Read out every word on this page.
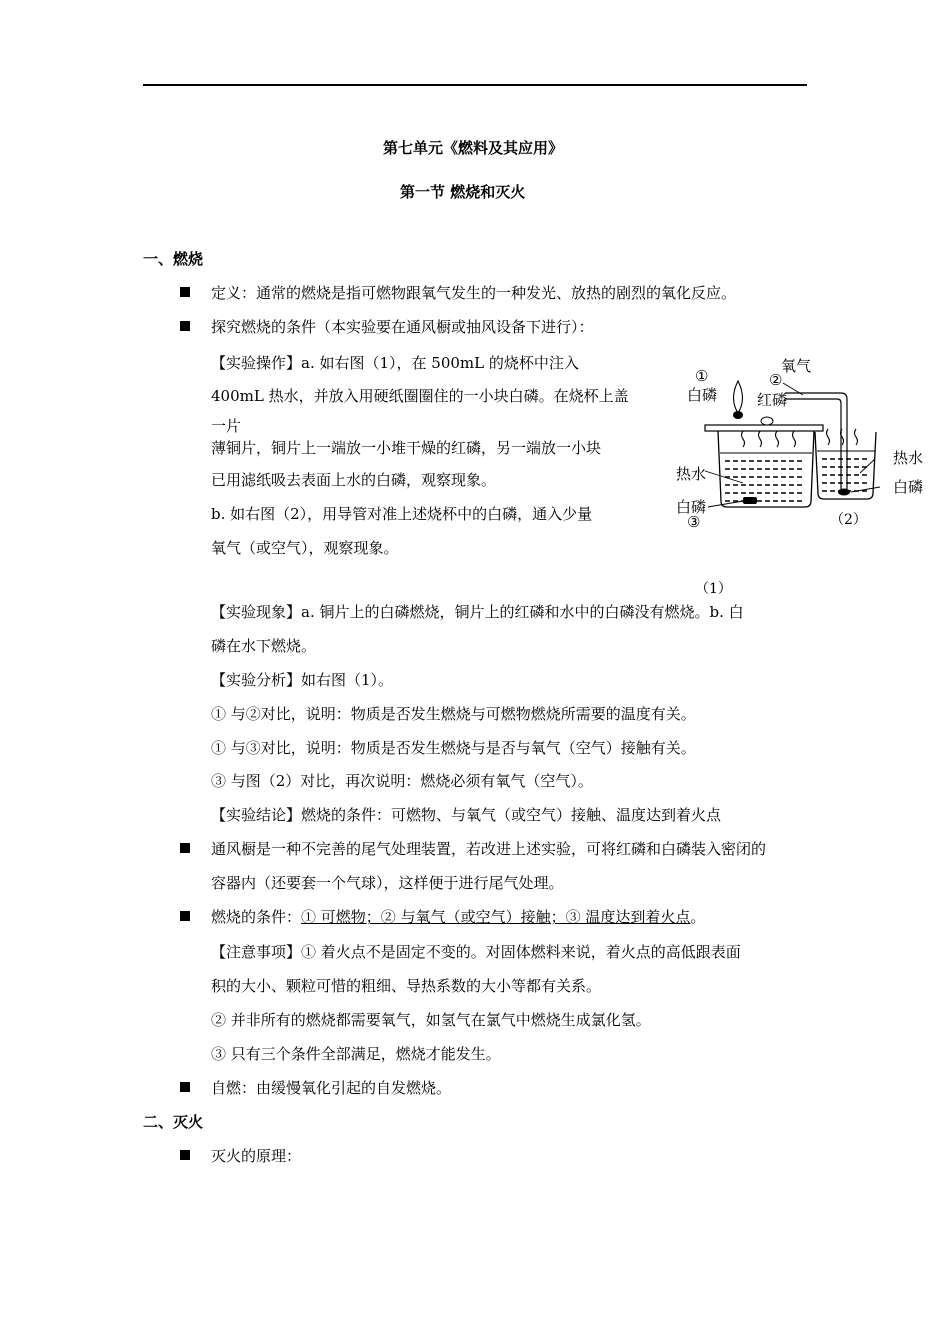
第七单元《燃料及其应用》
第一节 燃烧和灭火
一、燃烧
定义：通常的燃烧是指可燃物跟氧气发生的一种发光、放热的剧烈的氧化反应。
探究燃烧的条件（本实验要在通风橱或抽风设备下进行）：
【实验操作】a. 如右图（1），在 500mL 的烧杯中注入
400mL 热水，并放入用硬纸圈圈住的一小块白磷。在烧杯上盖
一片
薄铜片，铜片上一端放一小堆干燥的红磷，另一端放一小块
已用滤纸吸去表面上水的白磷，观察现象。
b. 如右图（2），用导管对准上述烧杯中的白磷，通入少量
氧气（或空气），观察现象。
①
白磷
②
氧气
红磷
热水
白磷
③
热水
白磷
（2）
（1）
【实验现象】a. 铜片上的白磷燃烧，铜片上的红磷和水中的白磷没有燃烧。b. 白
磷在水下燃烧。
【实验分析】如右图（1）。
① 与②对比，说明：物质是否发生燃烧与可燃物燃烧所需要的温度有关。
① 与③对比，说明：物质是否发生燃烧与是否与氧气（空气）接触有关。
③ 与图（2）对比，再次说明：燃烧必须有氧气（空气）。
【实验结论】燃烧的条件：可燃物、与氧气（或空气）接触、温度达到着火点
通风橱是一种不完善的尾气处理装置，若改进上述实验，可将红磷和白磷装入密闭的
容器内（还要套一个气球），这样便于进行尾气处理。
燃烧的条件：① 可燃物；② 与氧气（或空气）接触；③ 温度达到着火点。
【注意事项】① 着火点不是固定不变的。对固体燃料来说，着火点的高低跟表面
积的大小、颗粒可惜的粗细、导热系数的大小等都有关系。
② 并非所有的燃烧都需要氧气，如氢气在氯气中燃烧生成氯化氢。
③ 只有三个条件全部满足，燃烧才能发生。
自燃：由缓慢氧化引起的自发燃烧。
二、灭火
灭火的原理：
